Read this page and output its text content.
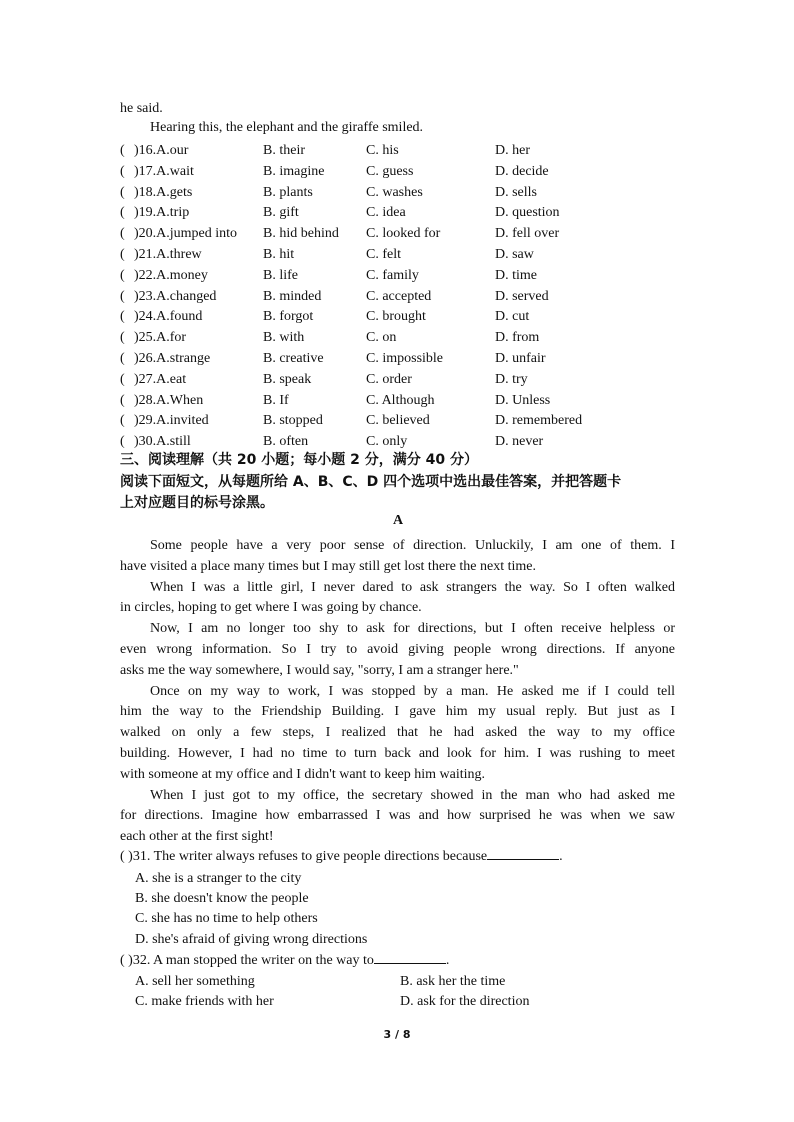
he said.
Hearing this, the elephant and the giraffe smiled.
( )16.A.our	B. their	C. his	D. her
( )17.A.wait	B. imagine	C. guess	D. decide
( )18.A.gets	B. plants	C. washes	D. sells
( )19.A.trip	B. gift	C. idea	D. question
( )20.A.jumped into B. hid behind C. looked for	D. fell over
( )21.A.threw	B. hit	C. felt	D. saw
( )22.A.money	B. life	C. family	D. time
( )23.A.changed	B. minded	C. accepted	D. served
( )24.A.found	B. forgot	C. brought	D. cut
( )25.A.for	B. with	C. on	D. from
( )26.A.strange	B. creative	C. impossible	D. unfair
( )27.A.eat	B. speak	C. order	D. try
( )28.A.When	B. If	C. Although	D. Unless
( )29.A.invited	B. stopped	C. believed	D. remembered
( )30.A.still	B. often	C. only	D. never
三、阅读理解（共 20 小题；每小题 2 分，满分 40 分）
阅读下面短文，从每题所给 A、B、C、D 四个选项中选出最佳答案，并把答题卡
上对应题目的标号涂黑。
A
Some people have a very poor sense of direction. Unluckily, I am one of them. I
have visited a place many times but I may still get lost there the next time.
When I was a little girl, I never dared to ask strangers the way. So I often walked
in circles, hoping to get where I was going by chance.
Now, I am no longer too shy to ask for directions, but I often receive helpless or
even wrong information. So I try to avoid giving people wrong directions. If anyone
asks me the way somewhere, I would say, "sorry, I am a stranger here."
Once on my way to work, I was stopped by a man. He asked me if I could tell
him the way to the Friendship Building. I gave him my usual reply. But just as I
walked on only a few steps, I realized that he had asked the way to my office
building. However, I had no time to turn back and look for him. I was rushing to meet
with someone at my office and I didn't want to keep him waiting.
When I just got to my office, the secretary showed in the man who had asked me
for directions. Imagine how embarrassed I was and how surprised he was when we saw
each other at the first sight!
( )31. The writer always refuses to give people directions because	.
A. she is a stranger to the city
B. she doesn't know the people
C. she has no time to help others
D. she's afraid of giving wrong directions
( )32. A man stopped the writer on the way to	.
A. sell her something	B. ask her the time
C. make friends with her	D. ask for the direction
3 / 8
